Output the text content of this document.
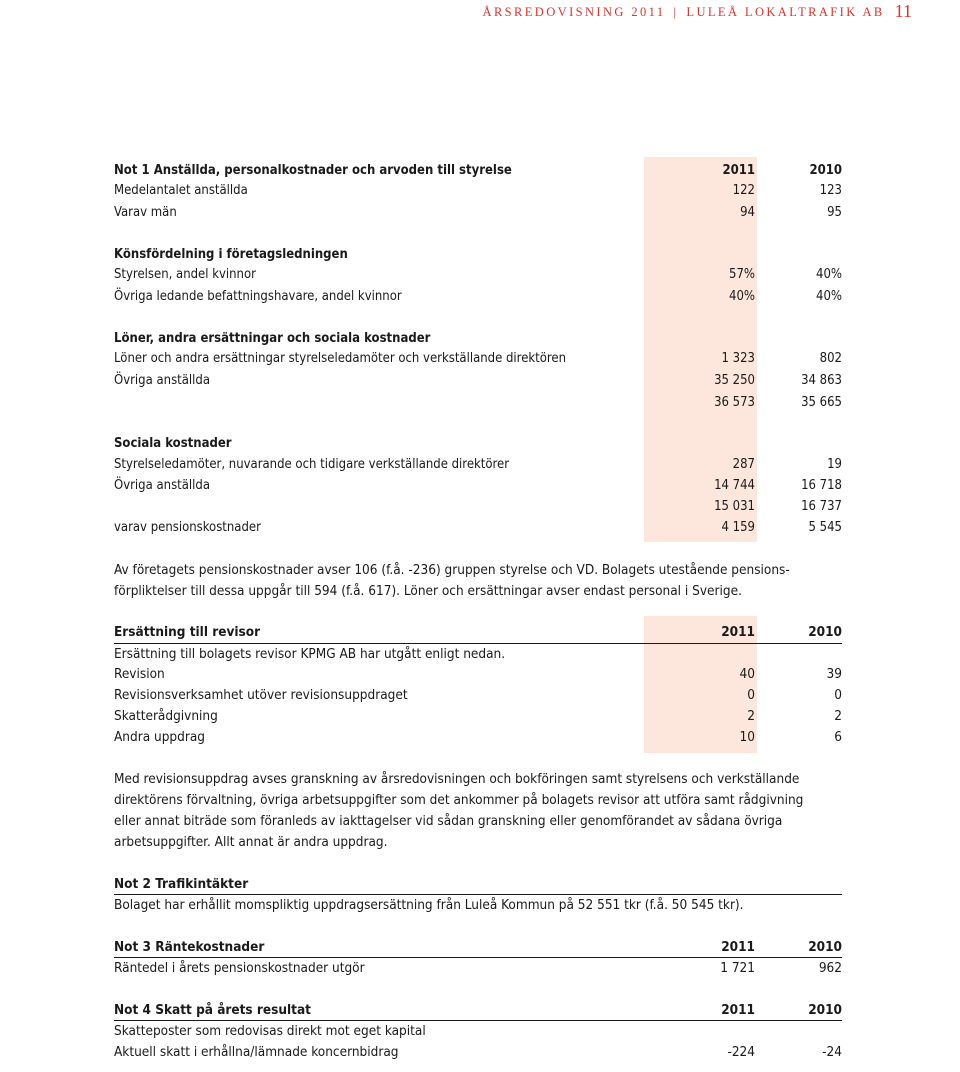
ÅRSREDOVISNING 2011 | LULEÅ LOKALTRAFIK AB 11
Not 1 Anställda, personalkostnader och arvoden till styrelse	2011	2010
Medelantalet anställda	122	123
Varav män	94	95
Könsfördelning i företagsledningen
Styrelsen, andel kvinnor	57%	40%
Övriga ledande befattningshavare, andel kvinnor	40%	40%
Löner, andra ersättningar och sociala kostnader
Löner och andra ersättningar styrelseledamöter och verkställande direktören	1 323	802
Övriga anställda	35 250	34 863
36 573	35 665
Sociala kostnader
Styrelseledamöter, nuvarande och tidigare verkställande direktörer	287	19
Övriga anställda	14 744	16 718
15 031	16 737
varav pensionskostnader	4 159	5 545
Av företagets pensionskostnader avser 106 (f.å. -236) gruppen styrelse och VD. Bolagets utestående pensions-
förpliktelser till dessa uppgår till 594 (f.å. 617). Löner och ersättningar avser endast personal i Sverige.
Ersättning till revisor	2011	2010
Ersättning till bolagets revisor KPMG AB har utgått enligt nedan.
Revision	40	39
Revisionsverksamhet utöver revisionsuppdraget	0	0
Skatterådgivning	2	2
Andra uppdrag	10	6
Med revisionsuppdrag avses granskning av årsredovisningen och bokföringen samt styrelsens och verkställande
direktörens förvaltning, övriga arbetsuppgifter som det ankommer på bolagets revisor att utföra samt rådgivning
eller annat biträde som föranleds av iakttagelser vid sådan granskning eller genomförandet av sådana övriga
arbetsuppgifter. Allt annat är andra uppdrag.
Not 2 Trafikintäkter
Bolaget har erhållit momspliktig uppdragsersättning från Luleå Kommun på 52 551 tkr (f.å. 50 545 tkr).
Not 3 Räntekostnader	2011	2010
Räntedel i årets pensionskostnader utgör	1 721	962
Not 4 Skatt på årets resultat	2011	2010
Skatteposter som redovisas direkt mot eget kapital
Aktuell skatt i erhållna/lämnade koncernbidrag	-224	-24
